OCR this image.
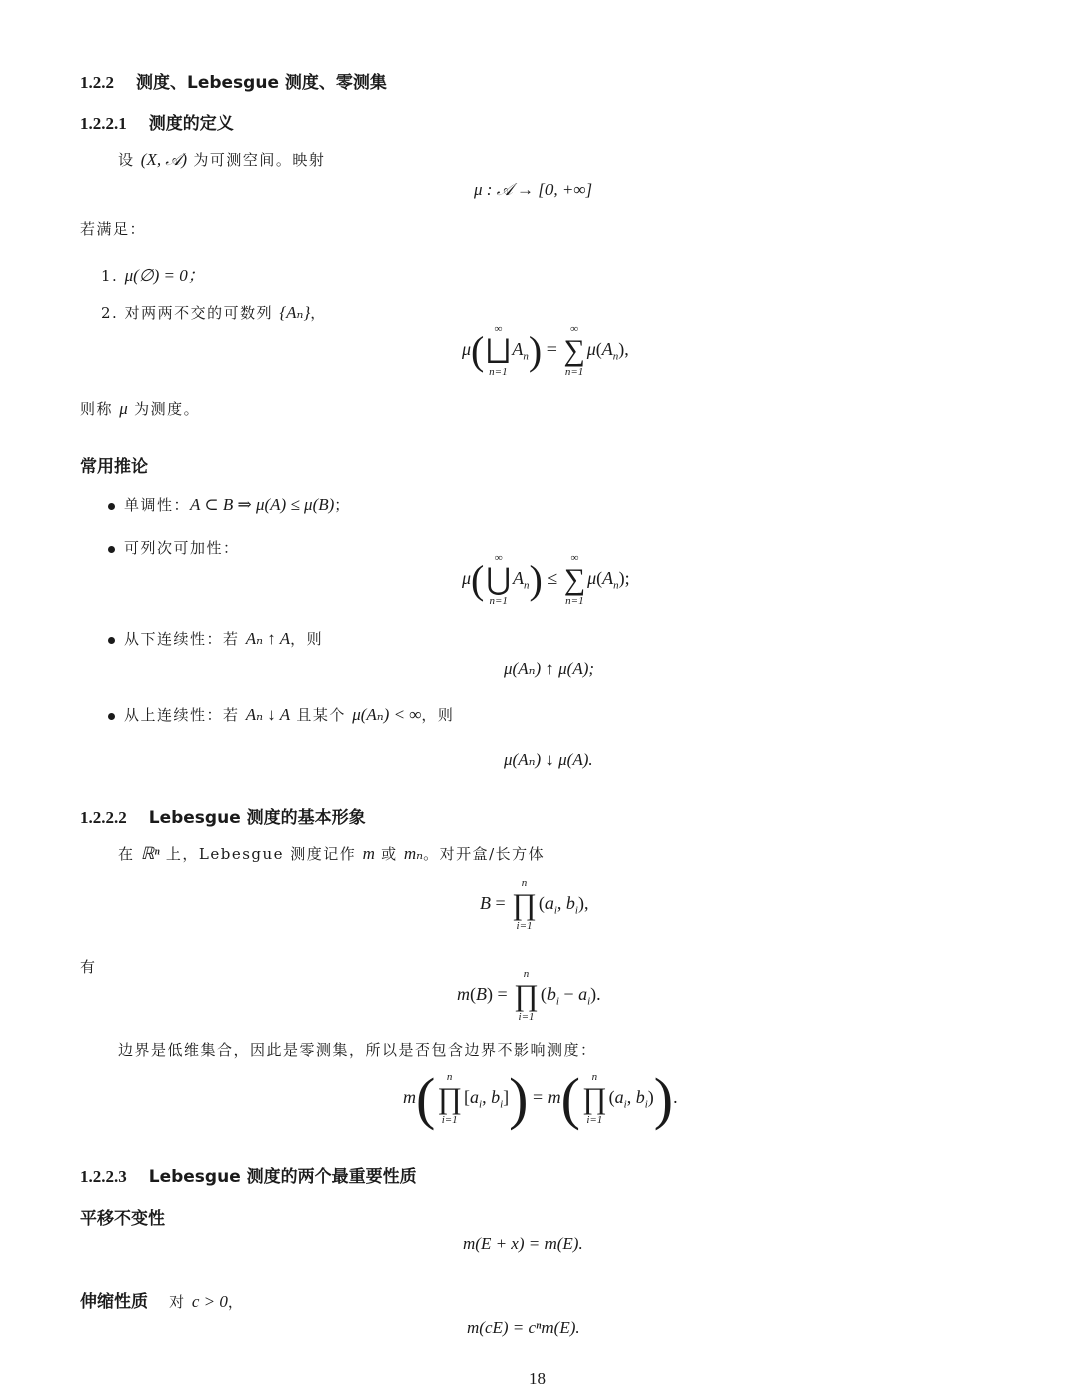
1.2.2 测度、Lebesgue 测度、零测集
1.2.2.1 测度的定义
设 (X, 𝒜) 为可测空间。映射
μ : 𝒜 → [0, +∞]
若满足：
1. μ(∅) = 0；
2. 对两两不交的可数列 {Aₙ}，
μ( ∞
⨆
n=1
$A_n$) =
∞
∑
n=1
$\mu(A_n)$,
则称 μ 为测度。
常用推论
单调性：A ⊂ B ⇒ μ(A) ≤ μ(B)；
可列次可加性：
μ( ∞
⋃
n=1
$A_n$) ≤
∞
∑
n=1
$\mu(A_n)$;
从下连续性：若 Aₙ ↑ A，则
μ(Aₙ) ↑ μ(A);
从上连续性：若 Aₙ ↓ A 且某个 μ(Aₙ) < ∞，则
μ(Aₙ) ↓ μ(A).
1.2.2.2 Lebesgue 测度的基本形象
在 ℝⁿ 上，Lebesgue 测度记作 m 或 mₙ。对开盒/长方体
B =
n
∏
i=1
($a_i$, $b_i$),
有
m(B) =
n
∏
i=1
$(b_i - a_i)$.
边界是低维集合，因此是零测集，所以是否包含边界不影响测度：
m( n
∏
i=1
[$a_i$, $b_i]) = m$( n
∏
i=1
($a_i$, $b_i$)).
1.2.2.3 Lebesgue 测度的两个最重要性质
平移不变性
m(E + x) = m(E).
伸缩性质 对 c > 0，
m(cE) = cⁿm(E).
18
